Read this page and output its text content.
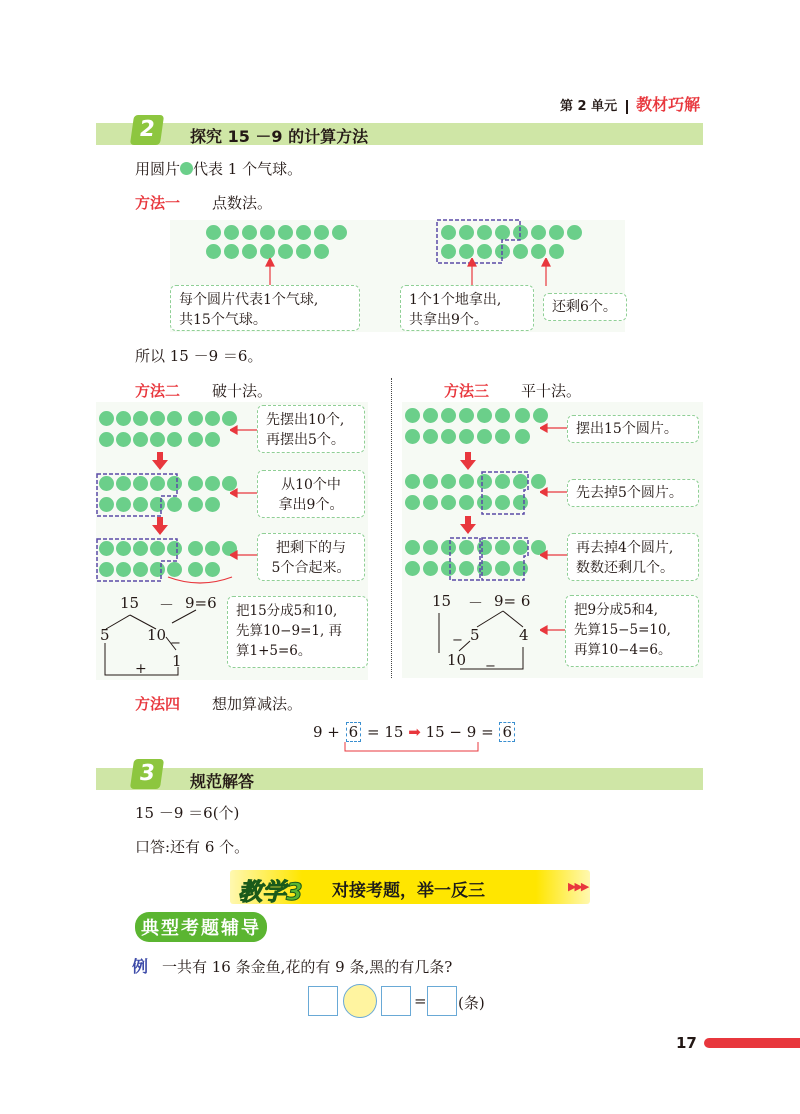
第 2 单元 教材巧解
2	探究 15 －9 的计算方法
用圆片 代表 1 个气球。
方法一 点数法。
每个圆片代表1个气球,
共15个气球。
1个1个地拿出,
共拿出9个。
还剩6个。
所以 15 －9 ＝6。
方法二 破十法。
先摆出10个,
再摆出5个。
从10个中
拿出9个。
把剩下的与
5个合起来。
把15分成5和10,
先算10−9=1, 再
算1+5=6。
15 － 9=6
5 10 −
1
+
方法三 平十法。
摆出15个圆片。
先去掉5个圆片。
再去掉4个圆片,
数数还剩几个。
把9分成5和4,
先算15−5=10,
再算10−4=6。
15 － 9= 6
5	4
−
10 −
方法四 想加算减法。
9 + 6 = 15 ➡ 15 − 9 = 6
3	规范解答
15 －9 ＝6(个)
口答:还有 6 个。
教学3 对接考题，举一反三	▶▶▶
典型考题辅导
例 一共有 16 条金鱼,花的有 9 条,黑的有几条?
= (条)
17
